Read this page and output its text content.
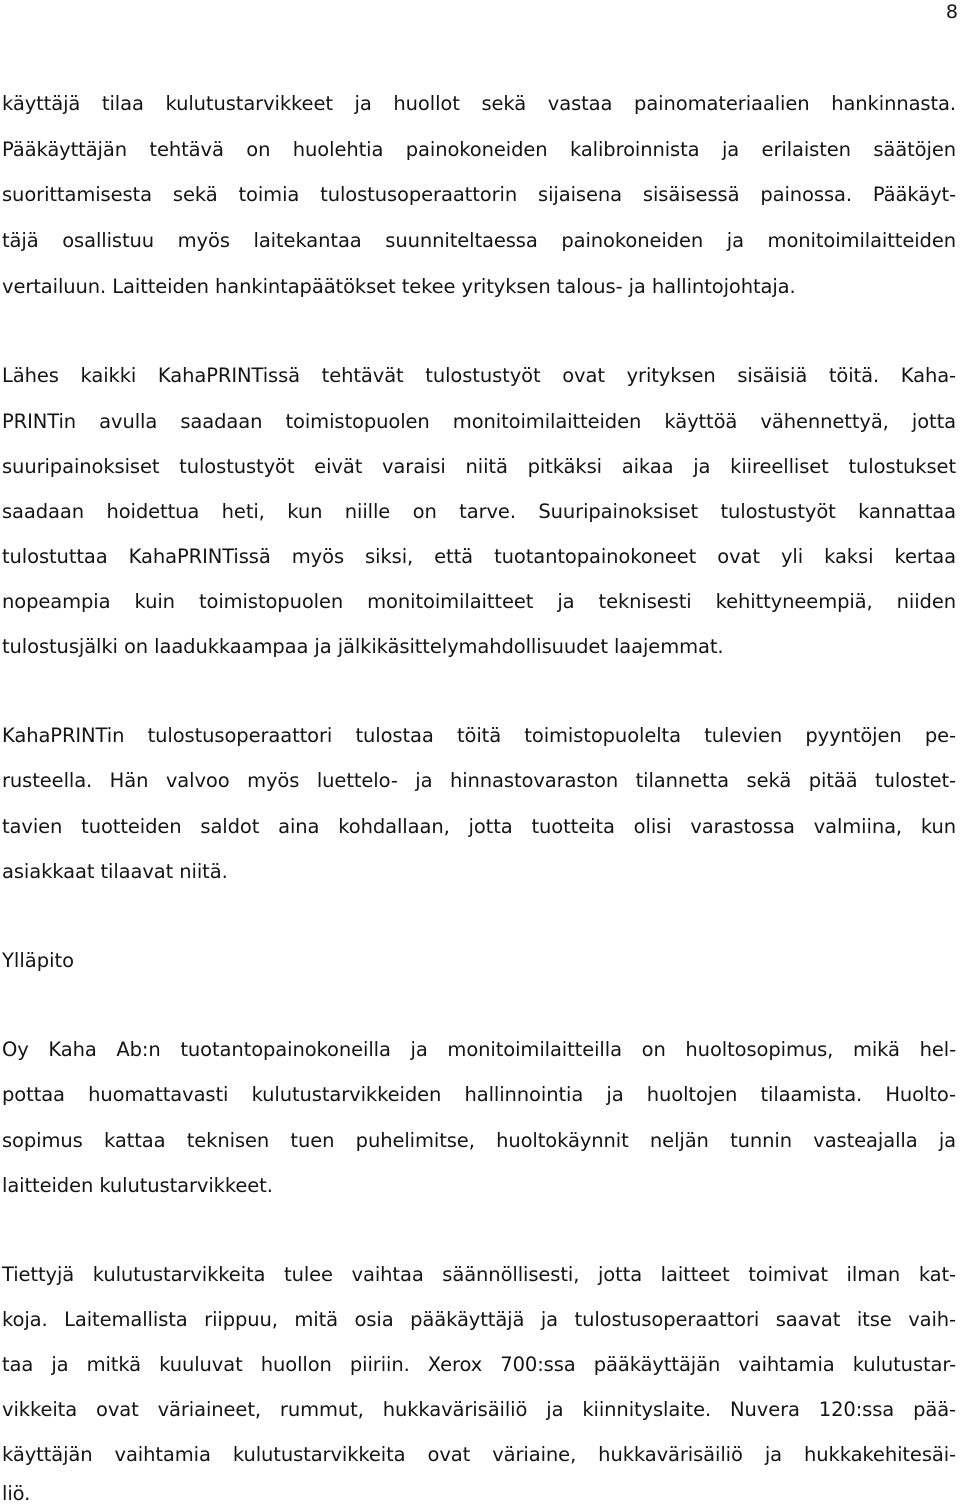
8
käyttäjä tilaa kulutustarvikkeet ja huollot sekä vastaa painomateriaalien hankinnasta.
Pääkäyttäjän tehtävä on huolehtia painokoneiden kalibroinnista ja erilaisten säätöjen
suorittamisesta sekä toimia tulostusoperaattorin sijaisena sisäisessä painossa. Pääkäyt-
täjä osallistuu myös laitekantaa suunniteltaessa painokoneiden ja monitoimilaitteiden
vertailuun. Laitteiden hankintapäätökset tekee yrityksen talous- ja hallintojohtaja.
Lähes kaikki KahaPRINTissä tehtävät tulostustyöt ovat yrityksen sisäisiä töitä. Kaha-
PRINTin avulla saadaan toimistopuolen monitoimilaitteiden käyttöä vähennettyä, jotta
suuripainoksiset tulostustyöt eivät varaisi niitä pitkäksi aikaa ja kiireelliset tulostukset
saadaan hoidettua heti, kun niille on tarve. Suuripainoksiset tulostustyöt kannattaa
tulostuttaa KahaPRINTissä myös siksi, että tuotantopainokoneet ovat yli kaksi kertaa
nopeampia kuin toimistopuolen monitoimilaitteet ja teknisesti kehittyneempiä, niiden
tulostusjälki on laadukkaampaa ja jälkikäsittelymahdollisuudet laajemmat.
KahaPRINTin tulostusoperaattori tulostaa töitä toimistopuolelta tulevien pyyntöjen pe-
rusteella. Hän valvoo myös luettelo- ja hinnastovaraston tilannetta sekä pitää tulostet-
tavien tuotteiden saldot aina kohdallaan, jotta tuotteita olisi varastossa valmiina, kun
asiakkaat tilaavat niitä.
Ylläpito
Oy Kaha Ab:n tuotantopainokoneilla ja monitoimilaitteilla on huoltosopimus, mikä hel-
pottaa huomattavasti kulutustarvikkeiden hallinnointia ja huoltojen tilaamista. Huolto-
sopimus kattaa teknisen tuen puhelimitse, huoltokäynnit neljän tunnin vasteajalla ja
laitteiden kulutustarvikkeet.
Tiettyjä kulutustarvikkeita tulee vaihtaa säännöllisesti, jotta laitteet toimivat ilman kat-
koja. Laitemallista riippuu, mitä osia pääkäyttäjä ja tulostusoperaattori saavat itse vaih-
taa ja mitkä kuuluvat huollon piiriin. Xerox 700:ssa pääkäyttäjän vaihtamia kulutustar-
vikkeita ovat väriaineet, rummut, hukkavärisäiliö ja kiinnityslaite. Nuvera 120:ssa pää-
käyttäjän vaihtamia kulutustarvikkeita ovat väriaine, hukkavärisäiliö ja hukkakehitesäi-
liö.
